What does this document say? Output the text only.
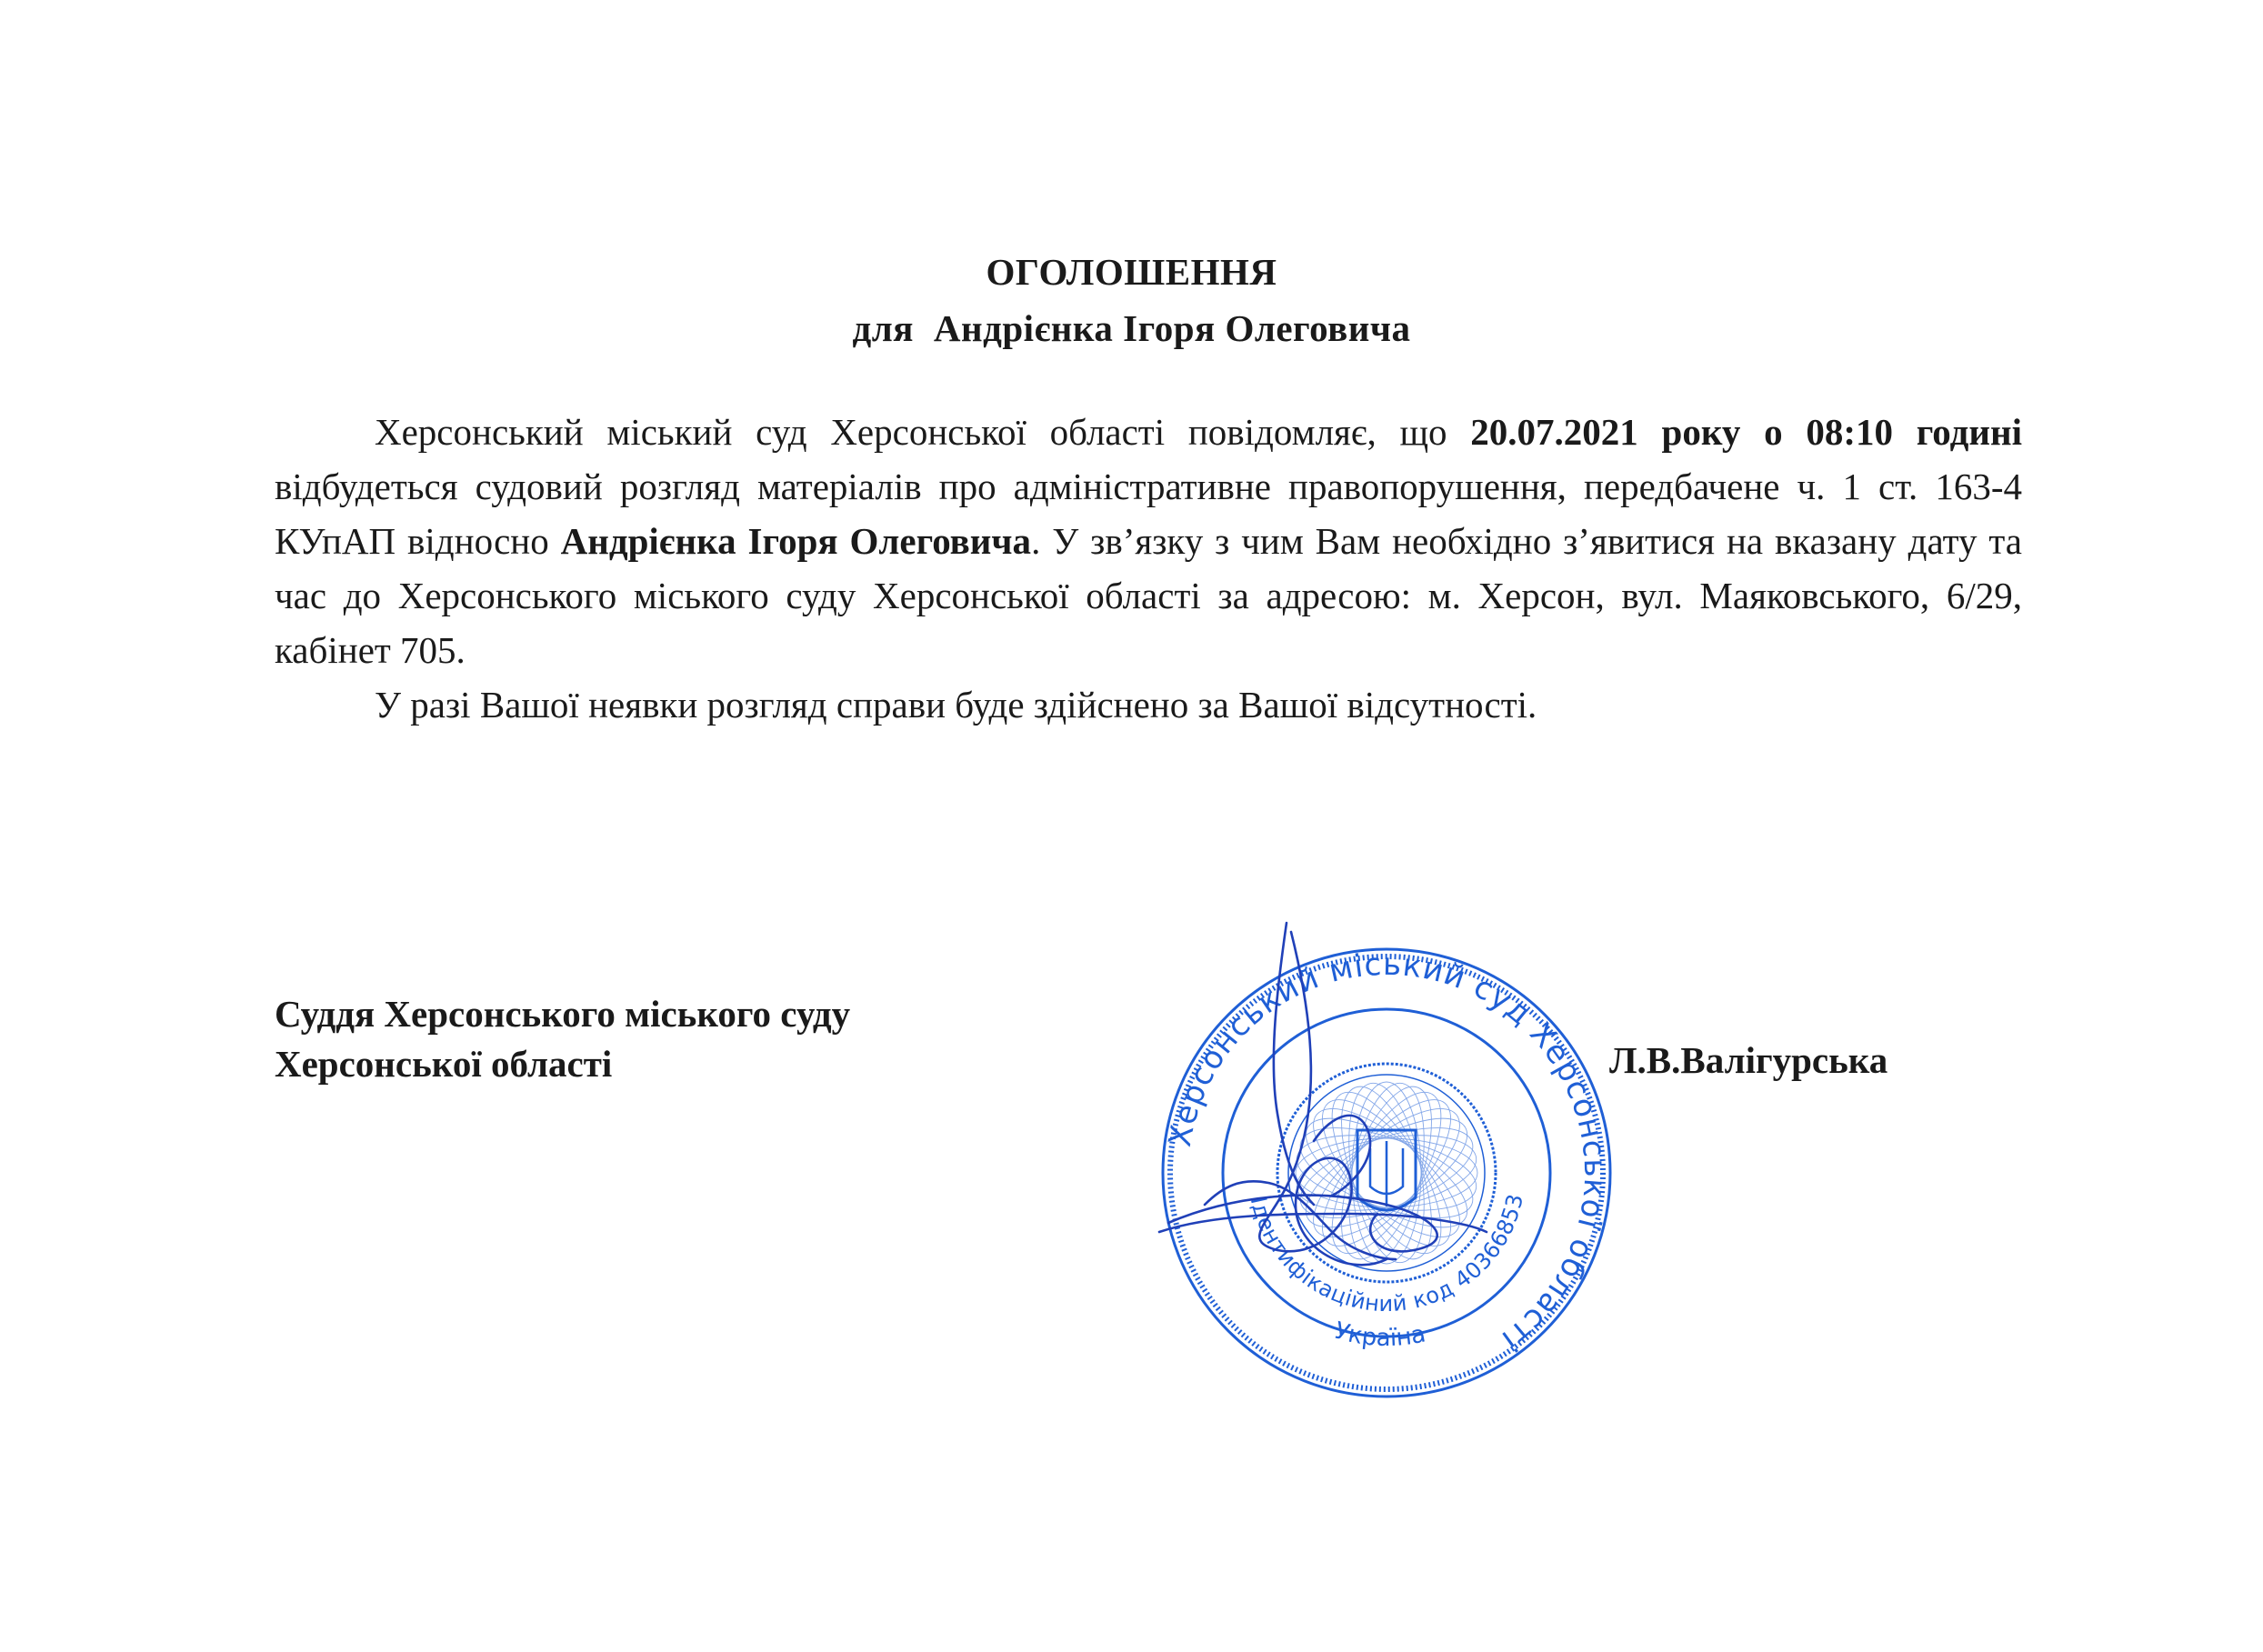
ОГОЛОШЕННЯ
для Андрієнка Ігоря Олеговича

Херсонський міський суд Херсонської області повідомляє, що 20.07.2021 року о 08:10 годині відбудеться судовий розгляд матеріалів про адміністративне правопорушення, передбачене ч. 1 ст. 163-4 КУпАП відносно Андрієнка Ігоря Олеговича. У зв’язку з чим Вам необхідно з’явитися на вказану дату та час до Херсонського міського суду Херсонської області за адресою: м. Херсон, вул. Маяковського, 6/29, кабінет 705.

У разі Вашої неявки розгляд справи буде здійснено за Вашої відсутності.

Суддя Херсонського міського суду
Херсонської області	Л.В.Валігурська
Херсонський міський суд Херсонської області
Ідентифікаційний код 40366853
Україна
